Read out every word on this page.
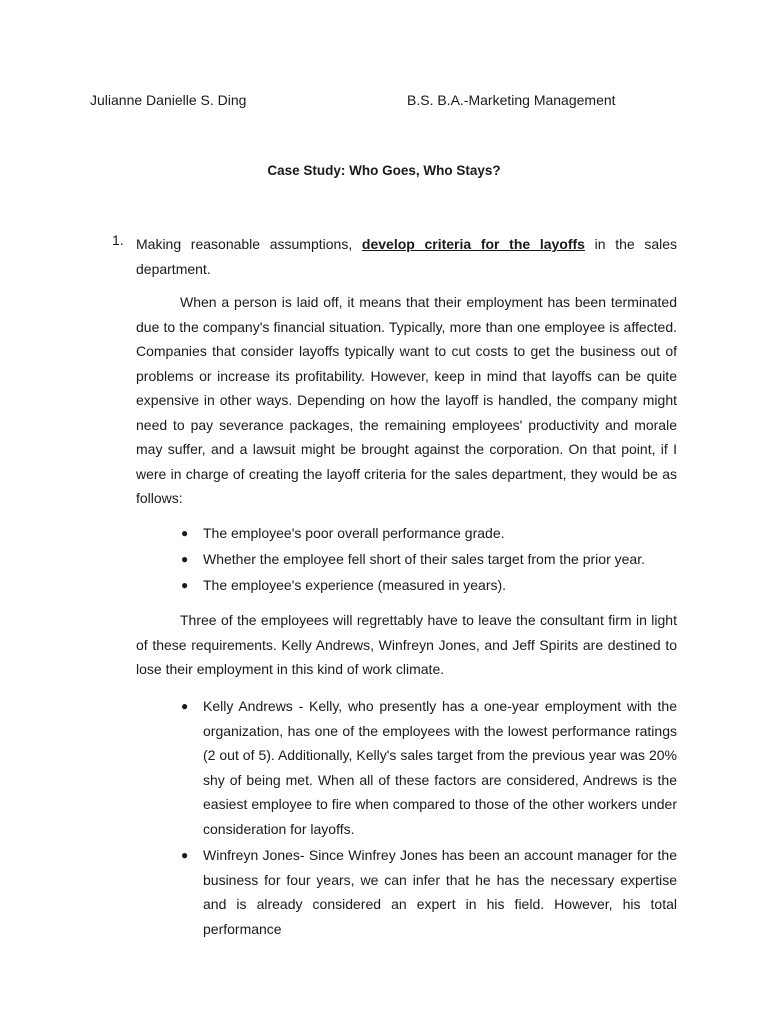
Julianne Danielle S. Ding	B.S. B.A.-Marketing Management
Case Study: Who Goes, Who Stays?
1. Making reasonable assumptions, develop criteria for the layoffs in the sales department.

When a person is laid off, it means that their employment has been terminated due to the company's financial situation. Typically, more than one employee is affected. Companies that consider layoffs typically want to cut costs to get the business out of problems or increase its profitability. However, keep in mind that layoffs can be quite expensive in other ways. Depending on how the layoff is handled, the company might need to pay severance packages, the remaining employees' productivity and morale may suffer, and a lawsuit might be brought against the corporation. On that point, if I were in charge of creating the layoff criteria for the sales department, they would be as follows:

● The employee's poor overall performance grade.
● Whether the employee fell short of their sales target from the prior year.
● The employee's experience (measured in years).

Three of the employees will regrettably have to leave the consultant firm in light of these requirements. Kelly Andrews, Winfreyn Jones, and Jeff Spirits are destined to lose their employment in this kind of work climate.

● Kelly Andrews - Kelly, who presently has a one-year employment with the organization, has one of the employees with the lowest performance ratings (2 out of 5). Additionally, Kelly's sales target from the previous year was 20% shy of being met. When all of these factors are considered, Andrews is the easiest employee to fire when compared to those of the other workers under consideration for layoffs.
● Winfreyn Jones- Since Winfrey Jones has been an account manager for the business for four years, we can infer that he has the necessary expertise and is already considered an expert in his field. However, his total performance
